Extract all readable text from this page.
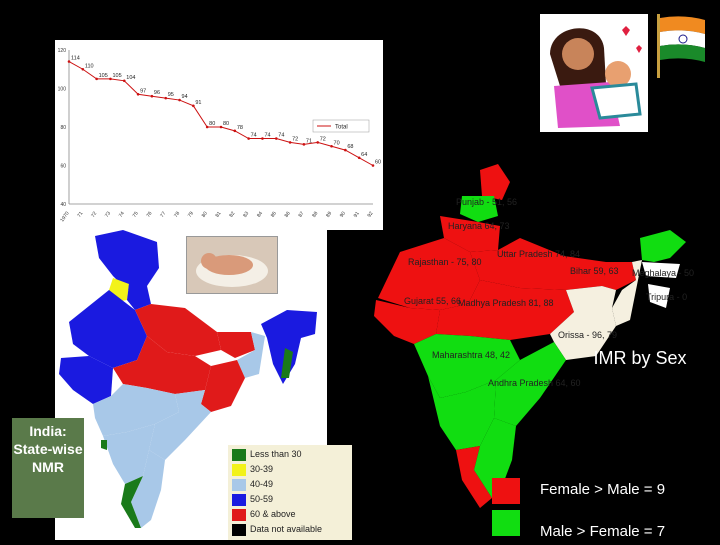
120
100
80
60
40
1970 71 72 73 74 75 76 77 78 79 80 81 82 83 84 85 86 87 88 89 90 91 92
114
110
105 105 104
97 96 95 94
91
80 80
78
74 74 74
72 71 72
70
68
64
60
Total
India: State-wise NMR
Less than 30
30-39
40-49
50-59
60 & above
Data not available
Punjab - 51, 56
Haryana 64, 73
Uttar Pradesh 74, 84
Rajasthan - 75, 80
Bihar 59, 63
Gujarat 55, 66
Madhya Pradesh 81, 88
Orissa - 96, 79
Maharashtra 48, 42
Andhra Pradesh 64, 60
Meghalaya - 50
Tripura - 0
IMR by Sex
Female > Male = 9
Male > Female = 7
